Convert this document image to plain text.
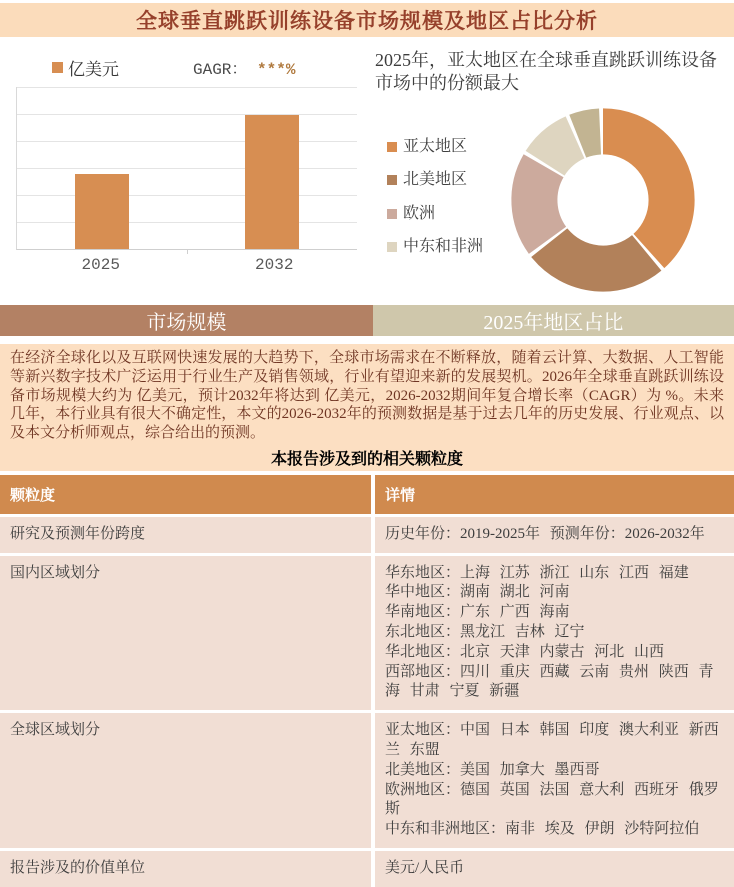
全球垂直跳跃训练设备市场规模及地区占比分析
亿美元	GAGR： ***%
2025	2032
2025年，亚太地区在全球垂直跳跃训练设备市场中的份额最大
亚太地区
北美地区
欧洲
中东和非洲
市场规模	2025年地区占比

在经济全球化以及互联网快速发展的大趋势下，全球市场需求在不断释放，随着云计算、大数据、人工智能等新兴数字技术广泛运用于行业生产及销售领域，行业有望迎来新的发展契机。2026年全球垂直跳跃训练设备市场规模大约为 亿美元，预计2032年将达到 亿美元，2026-2032期间年复合增长率（CAGR）为 %。未来几年，本行业具有很大不确定性，本文的2026-2032年的预测数据是基于过去几年的历史发展、行业观点、以及本文分析师观点，综合给出的预测。

本报告涉及到的相关颗粒度
颗粒度	详情
研究及预测年份跨度	历史年份：2019-2025年 预测年份：2026-2032年
国内区域划分	华东地区：上海 江苏 浙江 山东 江西 福建
华中地区：湖南 湖北 河南
华南地区：广东 广西 海南
东北地区：黑龙江 吉林 辽宁
华北地区：北京 天津 内蒙古 河北 山西
西部地区：四川 重庆 西藏 云南 贵州 陕西 青海 甘肃 宁夏 新疆
全球区域划分	亚太地区：中国 日本 韩国 印度 澳大利亚 新西兰 东盟
北美地区：美国 加拿大 墨西哥
欧洲地区：德国 英国 法国 意大利 西班牙 俄罗斯
中东和非洲地区：南非 埃及 伊朗 沙特阿拉伯
报告涉及的价值单位	美元/人民币
